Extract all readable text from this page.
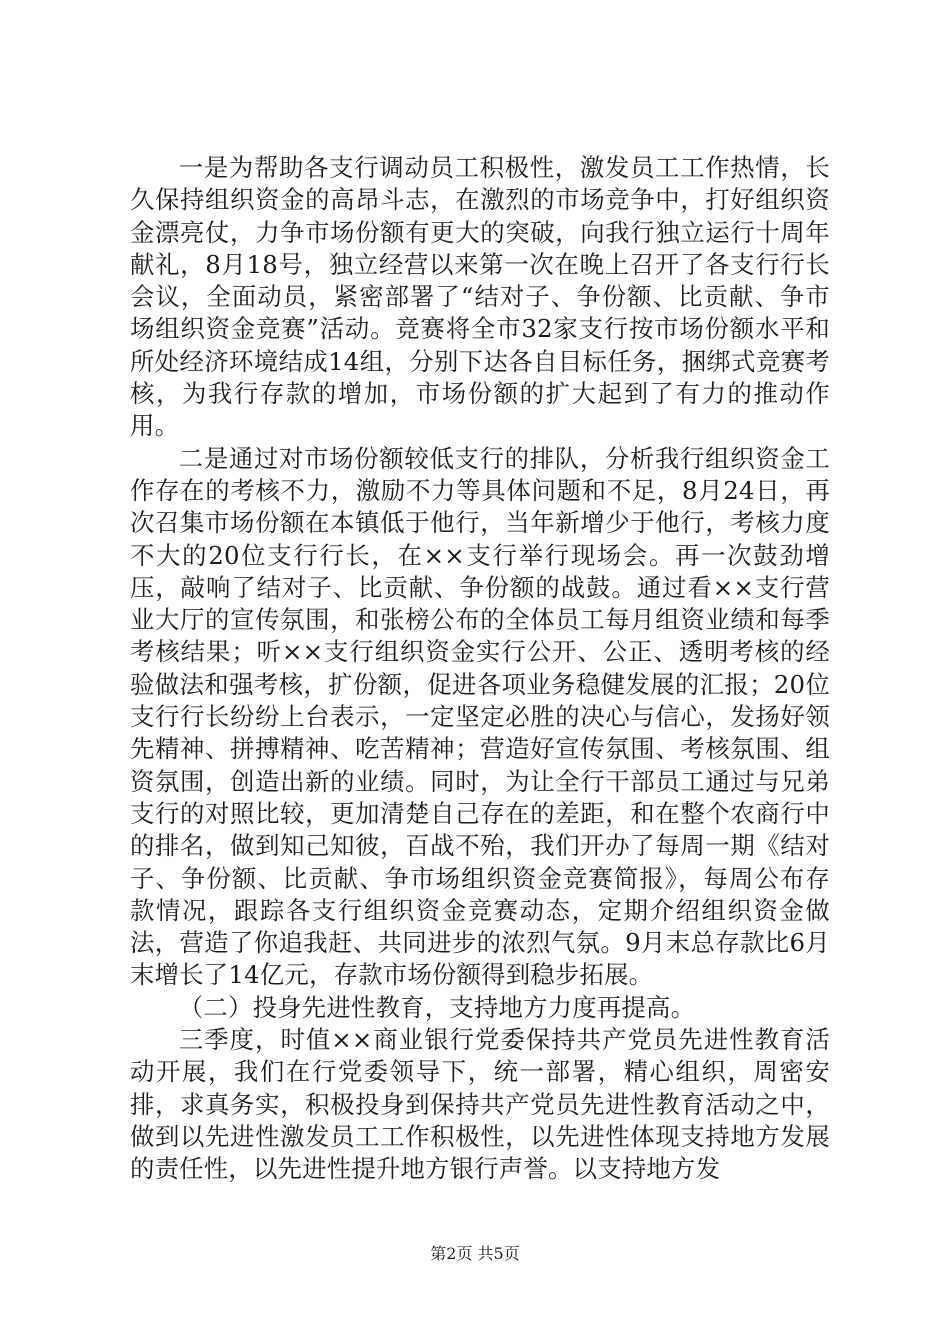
一是为帮助各支行调动员工积极性，激发员工工作热情，长久保持组织资金的高昂斗志，在激烈的市场竞争中，打好组织资金漂亮仗，力争市场份额有更大的突破，向我行独立运行十周年献礼，8月18号，独立经营以来第一次在晚上召开了各支行行长会议，全面动员，紧密部署了“结对子、争份额、比贡献、争市场组织资金竞赛”活动。竞赛将全市32家支行按市场份额水平和所处经济环境结成14组，分别下达各自目标任务，捆绑式竞赛考核，为我行存款的增加，市场份额的扩大起到了有力的推动作用。

二是通过对市场份额较低支行的排队，分析我行组织资金工作存在的考核不力，激励不力等具体问题和不足，8月24日，再次召集市场份额在本镇低于他行，当年新增少于他行，考核力度不大的20位支行行长，在××支行举行现场会。再一次鼓劲增压，敲响了结对子、比贡献、争份额的战鼓。通过看××支行营业大厅的宣传氛围，和张榜公布的全体员工每月组资业绩和每季考核结果；听××支行组织资金实行公开、公正、透明考核的经验做法和强考核，扩份额，促进各项业务稳健发展的汇报；20位支行行长纷纷上台表示，一定坚定必胜的决心与信心，发扬好领先精神、拼搏精神、吃苦精神；营造好宣传氛围、考核氛围、组资氛围，创造出新的业绩。同时，为让全行干部员工通过与兄弟支行的对照比较，更加清楚自己存在的差距，和在整个农商行中的排名，做到知己知彼，百战不殆，我们开办了每周一期《结对子、争份额、比贡献、争市场组织资金竞赛简报》，每周公布存款情况，跟踪各支行组织资金竞赛动态，定期介绍组织资金做法，营造了你追我赶、共同进步的浓烈气氛。9月末总存款比6月末增长了14亿元，存款市场份额得到稳步拓展。

（二）投身先进性教育，支持地方力度再提高。

三季度，时值××商业银行党委保持共产党员先进性教育活动开展，我们在行党委领导下，统一部署，精心组织，周密安排，求真务实，积极投身到保持共产党员先进性教育活动之中，做到以先进性激发员工工作积极性，以先进性体现支持地方发展的责任性，以先进性提升地方银行声誉。以支持地方发

第2页 共5页
